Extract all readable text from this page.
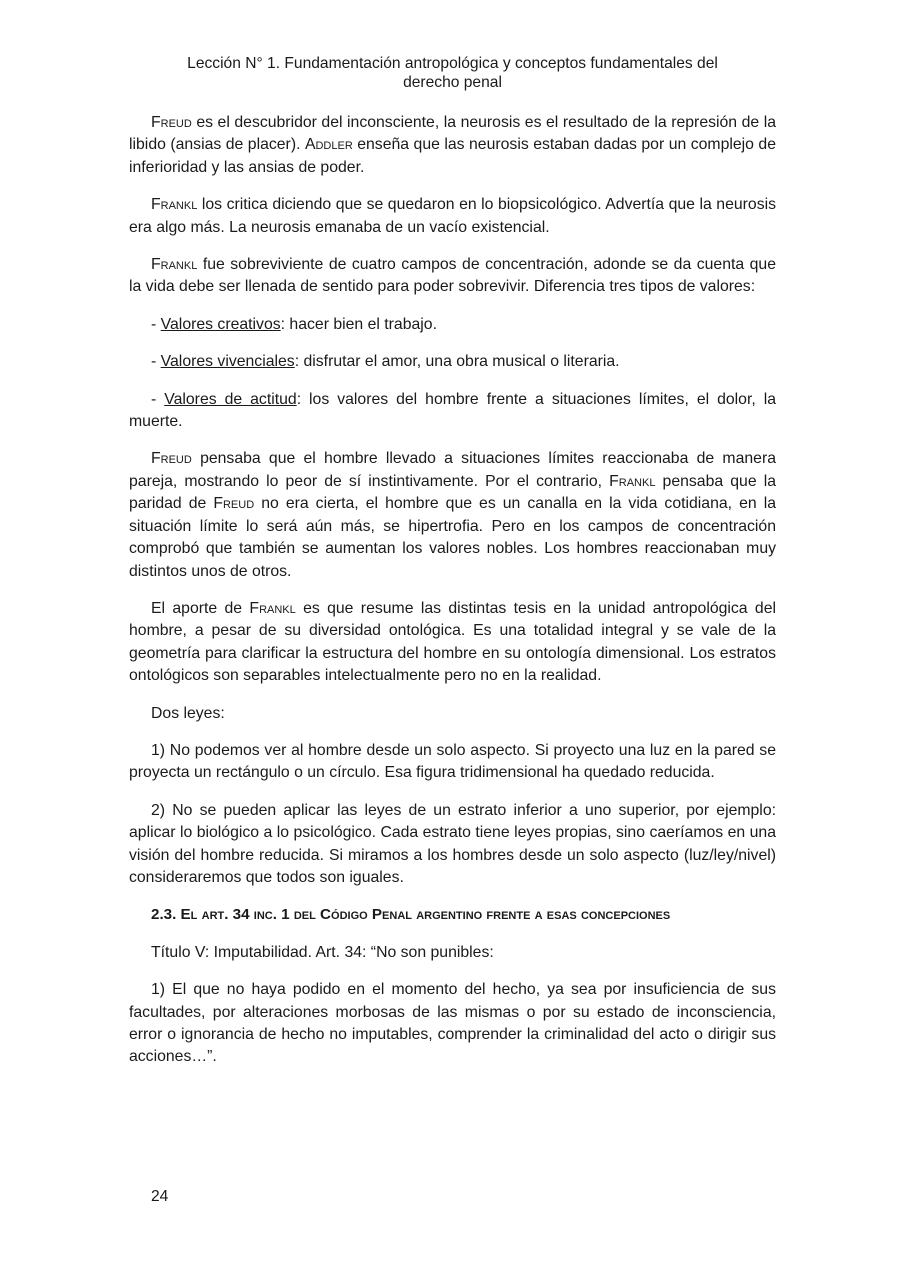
Lección N° 1. Fundamentación antropológica y conceptos fundamentales del
derecho penal

Freud es el descubridor del inconsciente, la neurosis es el resultado de la represión de la libido (ansias de placer). Addler enseña que las neurosis estaban dadas por un complejo de inferioridad y las ansias de poder.

Frankl los critica diciendo que se quedaron en lo biopsicológico. Advertía que la neurosis era algo más. La neurosis emanaba de un vacío existencial.

Frankl fue sobreviviente de cuatro campos de concentración, adonde se da cuenta que la vida debe ser llenada de sentido para poder sobrevivir. Diferencia tres tipos de valores:

- Valores creativos: hacer bien el trabajo.

- Valores vivenciales: disfrutar el amor, una obra musical o literaria.

- Valores de actitud: los valores del hombre frente a situaciones límites, el dolor, la muerte.

Freud pensaba que el hombre llevado a situaciones límites reaccionaba de manera pareja, mostrando lo peor de sí instintivamente. Por el contrario, Frankl pensaba que la paridad de Freud no era cierta, el hombre que es un canalla en la vida cotidiana, en la situación límite lo será aún más, se hipertrofia. Pero en los campos de concentración comprobó que también se aumentan los valores nobles. Los hombres reaccionaban muy distintos unos de otros.

El aporte de Frankl es que resume las distintas tesis en la unidad antropológica del hombre, a pesar de su diversidad ontológica. Es una totalidad integral y se vale de la geometría para clarificar la estructura del hombre en su ontología dimensional. Los estratos ontológicos son separables intelectualmente pero no en la realidad.

Dos leyes:

1) No podemos ver al hombre desde un solo aspecto. Si proyecto una luz en la pared se proyecta un rectángulo o un círculo. Esa figura tridimensional ha quedado reducida.

2) No se pueden aplicar las leyes de un estrato inferior a uno superior, por ejemplo: aplicar lo biológico a lo psicológico. Cada estrato tiene leyes propias, sino caeríamos en una visión del hombre reducida. Si miramos a los hombres desde un solo aspecto (luz/ley/nivel) consideraremos que todos son iguales.

2.3. El art. 34 inc. 1 del Código Penal argentino frente a esas concepciones

Título V: Imputabilidad. Art. 34: “No son punibles:

1) El que no haya podido en el momento del hecho, ya sea por insuficiencia de sus facultades, por alteraciones morbosas de las mismas o por su estado de inconsciencia, error o ignorancia de hecho no imputables, comprender la criminalidad del acto o dirigir sus acciones…”.

24
